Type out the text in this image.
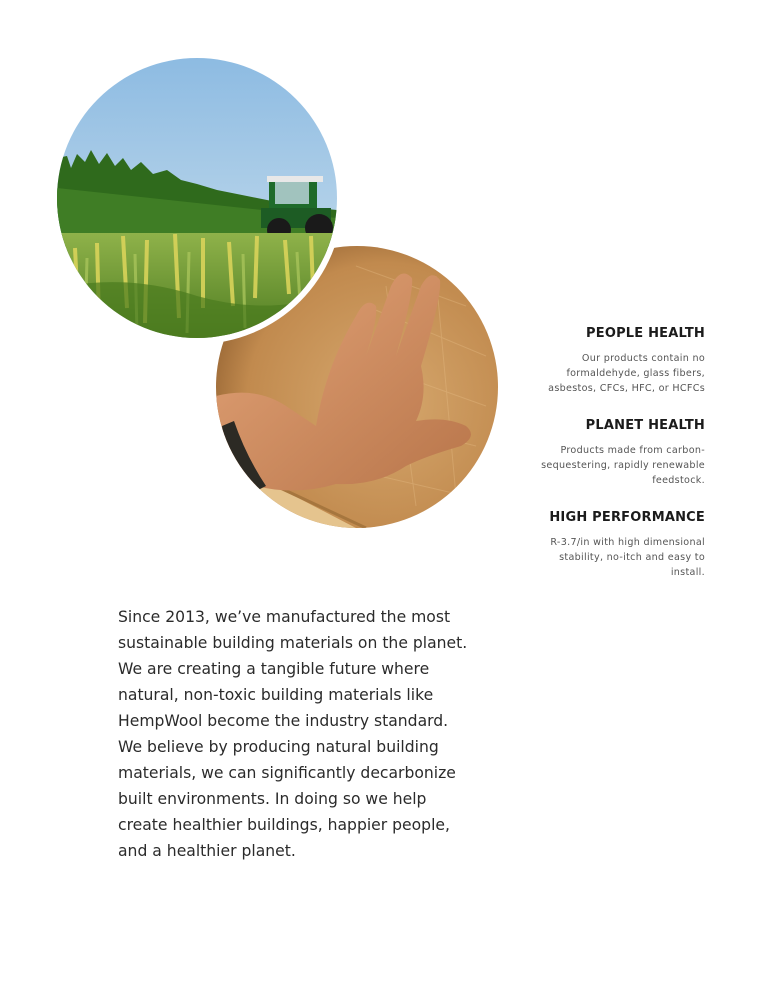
PEOPLE HEALTH

Our products contain no
formaldehyde, glass fibers,
asbestos, CFCs, HFC, or HCFCs

PLANET HEALTH

Products made from carbon-
sequestering, rapidly renewable
feedstock.

HIGH PERFORMANCE

R-3.7/in with high dimensional
stability, no-itch and easy to
install.

Since 2013, we’ve manufactured the most
sustainable building materials on the planet.
We are creating a tangible future where
natural, non-toxic building materials like
HempWool become the industry standard.
We believe by producing natural building
materials, we can significantly decarbonize
built environments. In doing so we help
create healthier buildings, happier people,
and a healthier planet.
